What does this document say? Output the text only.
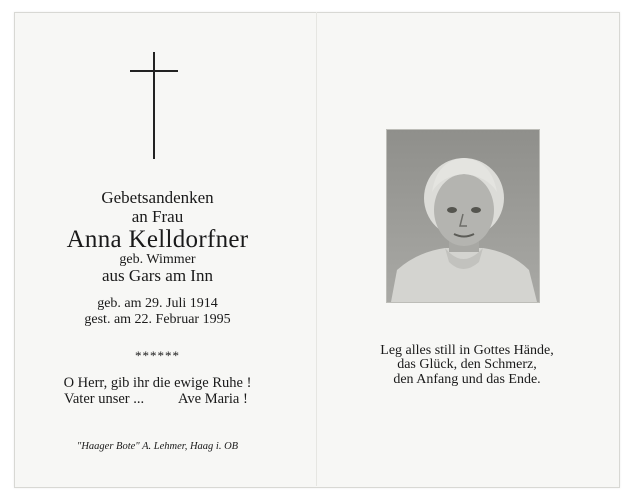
Gebetsandenken
an Frau
Anna Kelldorfner
geb. Wimmer
aus Gars am Inn
geb. am 29. Juli 1914
gest. am 22. Februar 1995
******
O Herr, gib ihr die ewige Ruhe !
Vater unser ... Ave Maria !
"Haager Bote" A. Lehmer, Haag i. OB
Leg alles still in Gottes Hände,
das Glück, den Schmerz,
den Anfang und das Ende.
